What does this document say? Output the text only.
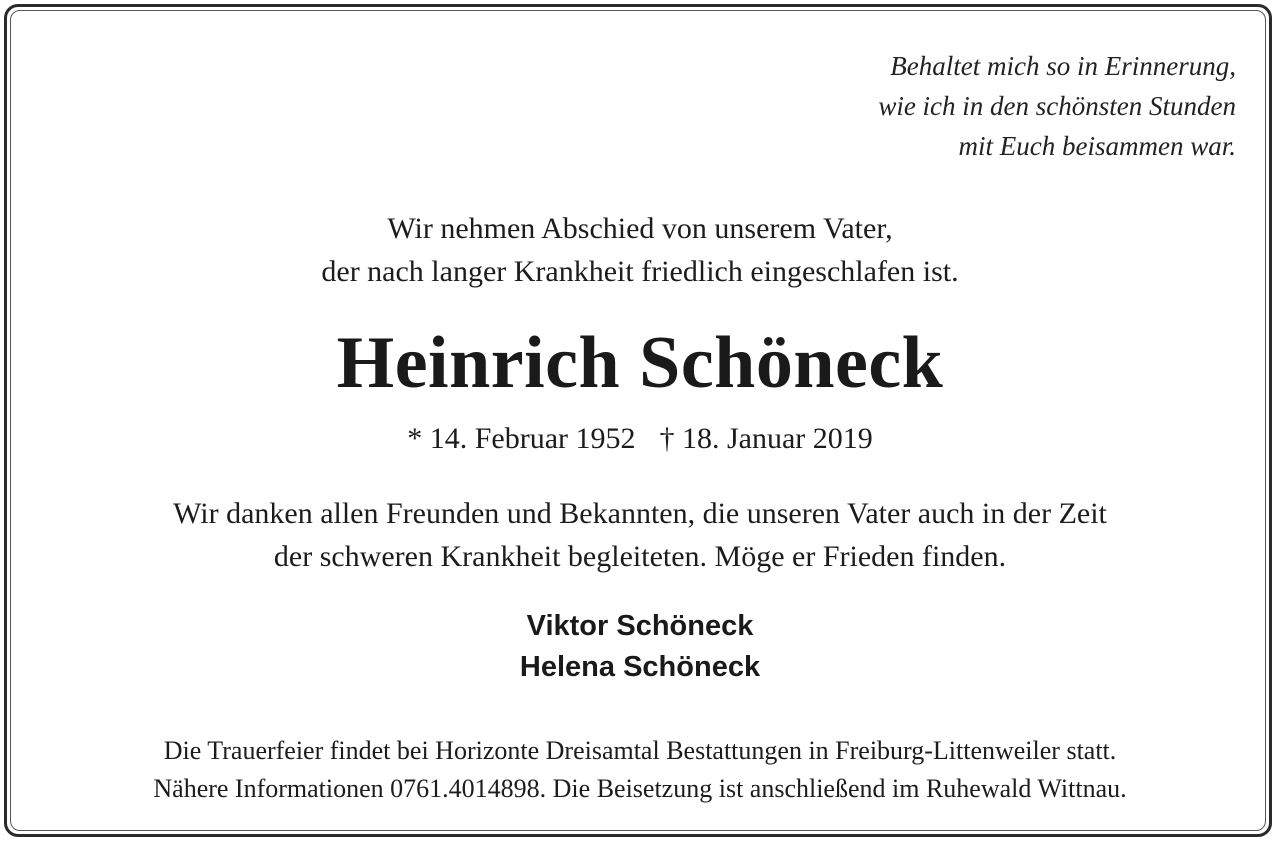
Behaltet mich so in Erinnerung,
wie ich in den schönsten Stunden
mit Euch beisammen war.
Wir nehmen Abschied von unserem Vater,
der nach langer Krankheit friedlich eingeschlafen ist.
Heinrich Schöneck
* 14. Februar 1952 † 18. Januar 2019
Wir danken allen Freunden und Bekannten, die unseren Vater auch in der Zeit
der schweren Krankheit begleiteten. Möge er Frieden finden.
Viktor Schöneck
Helena Schöneck
Die Trauerfeier findet bei Horizonte Dreisamtal Bestattungen in Freiburg-Littenweiler statt.
Nähere Informationen 0761.4014898. Die Beisetzung ist anschließend im Ruhewald Wittnau.
